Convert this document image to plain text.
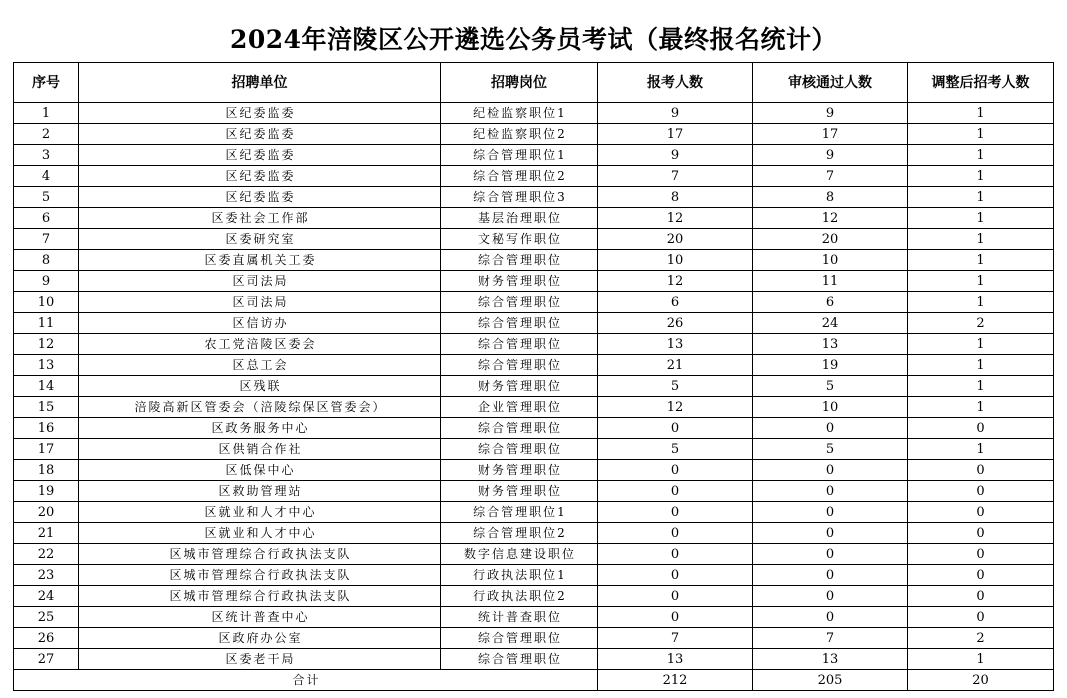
2024年涪陵区公开遴选公务员考试（最终报名统计）
序号	招聘单位	招聘岗位	报考人数	审核通过人数	调整后招考人数
1	区纪委监委	纪检监察职位1	9	9	1
2	区纪委监委	纪检监察职位2	17	17	1
3	区纪委监委	综合管理职位1	9	9	1
4	区纪委监委	综合管理职位2	7	7	1
5	区纪委监委	综合管理职位3	8	8	1
6	区委社会工作部	基层治理职位	12	12	1
7	区委研究室	文秘写作职位	20	20	1
8	区委直属机关工委	综合管理职位	10	10	1
9	区司法局	财务管理职位	12	11	1
10	区司法局	综合管理职位	6	6	1
11	区信访办	综合管理职位	26	24	2
12	农工党涪陵区委会	综合管理职位	13	13	1
13	区总工会	综合管理职位	21	19	1
14	区残联	财务管理职位	5	5	1
15	涪陵高新区管委会（涪陵综保区管委会）	企业管理职位	12	10	1
16	区政务服务中心	综合管理职位	0	0	0
17	区供销合作社	综合管理职位	5	5	1
18	区低保中心	财务管理职位	0	0	0
19	区救助管理站	财务管理职位	0	0	0
20	区就业和人才中心	综合管理职位1	0	0	0
21	区就业和人才中心	综合管理职位2	0	0	0
22	区城市管理综合行政执法支队	数字信息建设职位	0	0	0
23	区城市管理综合行政执法支队	行政执法职位1	0	0	0
24	区城市管理综合行政执法支队	行政执法职位2	0	0	0
25	区统计普查中心	统计普查职位	0	0	0
26	区政府办公室	综合管理职位	7	7	2
27	区委老干局	综合管理职位	13	13	1
合计			212	205	20
